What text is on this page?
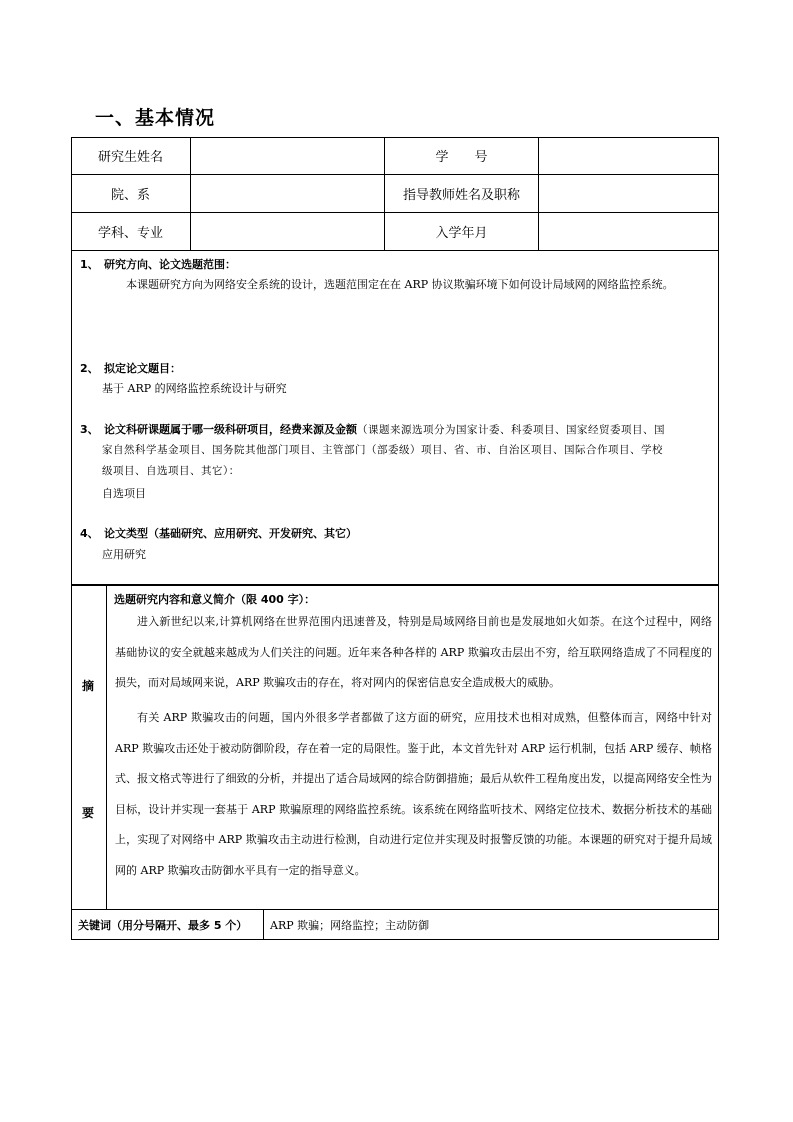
一、基本情况
研究生姓名	学　　号
院、系	指导教师姓名及职称
学科、专业	入学年月
1、 研究方向、论文选题范围：
本课题研究方向为网络安全系统的设计，选题范围定在在 ARP 协议欺骗环境下如何设计局域网的网络监控系统。
2、 拟定论文题目：
基于 ARP 的网络监控系统设计与研究
3、 论文科研课题属于哪一级科研项目，经费来源及金额（课题来源选项分为国家计委、科委项目、国家经贸委项目、国
家自然科学基金项目、国务院其他部门项目、主管部门（部委级）项目、省、市、自治区项目、国际合作项目、学校
级项目、自选项目、其它）：
自选项目
4、 论文类型（基础研究、应用研究、开发研究、其它）
应用研究
摘
要
选题研究内容和意义简介（限 400 字）：
进入新世纪以来,计算机网络在世界范围内迅速普及，特别是局域网络目前也是发展地如火如荼。在这个过程中，网络基础协议的安全就越来越成为人们关注的问题。近年来各种各样的 ARP 欺骗攻击层出不穷，给互联网络造成了不同程度的损失，而对局域网来说，ARP 欺骗攻击的存在，将对网内的保密信息安全造成极大的威胁。
有关 ARP 欺骗攻击的问题，国内外很多学者都做了这方面的研究，应用技术也相对成熟，但整体而言，网络中针对 ARP 欺骗攻击还处于被动防御阶段，存在着一定的局限性。鉴于此，本文首先针对 ARP 运行机制，包括 ARP 缓存、帧格式、报文格式等进行了细致的分析，并提出了适合局域网的综合防御措施；最后从软件工程角度出发，以提高网络安全性为目标，设计并实现一套基于 ARP 欺骗原理的网络监控系统。该系统在网络监听技术、网络定位技术、数据分析技术的基础上，实现了对网络中 ARP 欺骗攻击主动进行检测，自动进行定位并实现及时报警反馈的功能。本课题的研究对于提升局域网的 ARP 欺骗攻击防御水平具有一定的指导意义。
关键词（用分号隔开、最多 5 个） ARP 欺骗；网络监控；主动防御
